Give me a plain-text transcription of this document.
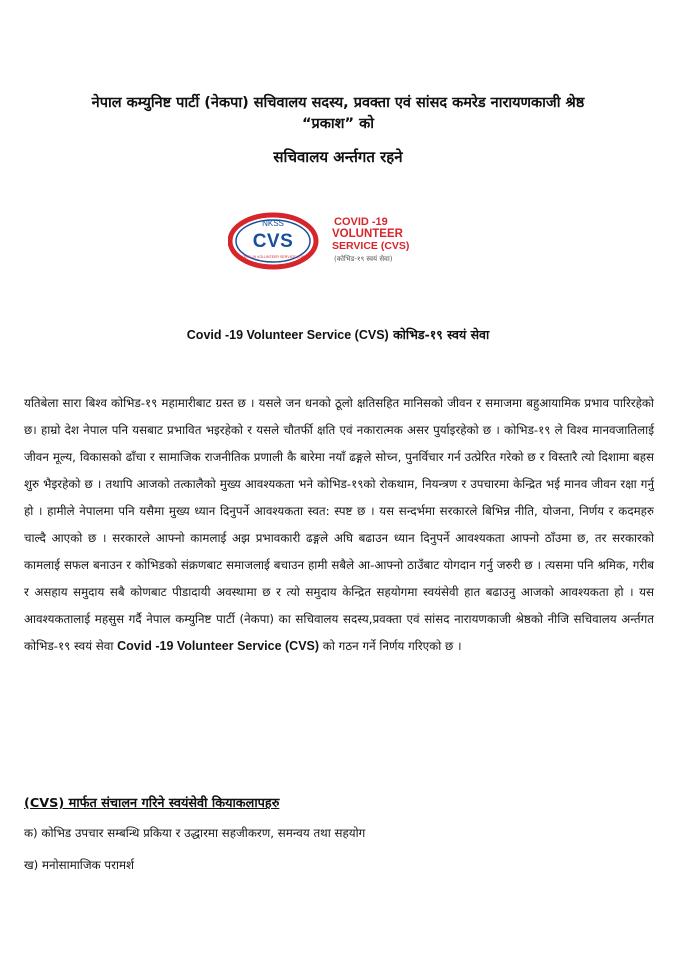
नेपाल कम्युनिष्ट पार्टी (नेकपा) सचिवालय सदस्य, प्रवक्ता एवं सांसद कमरेड नारायणकाजी श्रेष्ठ

“प्रकाश” को

सचिवालय अर्न्तगत रहने

NKSS
CVS
COVID-19 VOLUNTEER SERVICE (CVS)
COVID -19
VOLUNTEER
SERVICE (CVS)
(कोभिड-१९ स्वयं सेवा)
Covid -19 Volunteer Service (CVS) कोभिड-१९ स्वयं सेवा

यतिबेला सारा बिश्व कोभिड-१९ महामारीबाट ग्रस्त छ । यसले जन धनको ठूलो क्षतिसहित मानिसको जीवन र समाजमा बहुआयामिक प्रभाव पारिरहेको छ। हाम्रो देश नेपाल पनि यसबाट प्रभावित भइरहेको र यसले चौतर्फी क्षति एवं नकारात्मक असर पुर्याइरहेको छ । कोभिड-१९ ले विश्व मानवजातिलाई जीवन मूल्य, विकासको ढाँचा र सामाजिक राजनीतिक प्रणाली कै बारेमा नयाँ ढङ्गले सोच्न, पुनर्विचार गर्न उत्प्रेरित गरेको छ र विस्तारै त्यो दिशामा बहस शुरु भैइरहेको छ । तथापि आजको तत्कालैको मुख्य आवश्यकता भने कोभिड-१९को रोकथाम, नियन्त्रण र उपचारमा केन्द्रित भई मानव जीवन रक्षा गर्नु हो । हामीले नेपालमा पनि यसैमा मुख्य ध्यान दिनुपर्ने आवश्यकता स्वत: स्पष्ट छ । यस सन्दर्भमा सरकारले बिभिन्न नीति, योजना, निर्णय र कदमहरु चाल्दै आएको छ । सरकारले आफ्नो कामलाई अझ प्रभावकारी ढङ्गले अघि बढाउन ध्यान दिनुपर्ने आवश्यकता आफ्नो ठाँउमा छ, तर सरकारको कामलाई सफल बनाउन र कोभिडको संक्रणबाट समाजलाई बचाउन हामी सबैले आ-आफ्नो ठाउँबाट योगदान गर्नु जरुरी छ । त्यसमा पनि श्रमिक, गरीब र असहाय समुदाय सबै कोणबाट पीडादायी अवस्थामा छ र त्यो समुदाय केन्द्रित सहयोगमा स्वयंसेवी हात बढाउनु आजको आवश्यकता हो । यस आवश्यकतालाई महसुस गर्दै नेपाल कम्युनिष्ट पार्टी (नेकपा) का सचिवालय सदस्य,प्रवक्ता एवं सांसद नारायणकाजी श्रेष्ठको नीजि सचिवालय अर्न्तगत कोभिड-१९ स्वयं सेवा Covid -19 Volunteer Service (CVS) को गठन गर्ने निर्णय गरिएको छ ।

(CVS) मार्फत संचालन गरिने स्वयंसेवी कियाकलापहरु
क) कोभिड उपचार सम्बन्धि प्रकिया र उद्धारमा सहजीकरण, समन्वय तथा सहयोग
ख) मनोसामाजिक परामर्श
